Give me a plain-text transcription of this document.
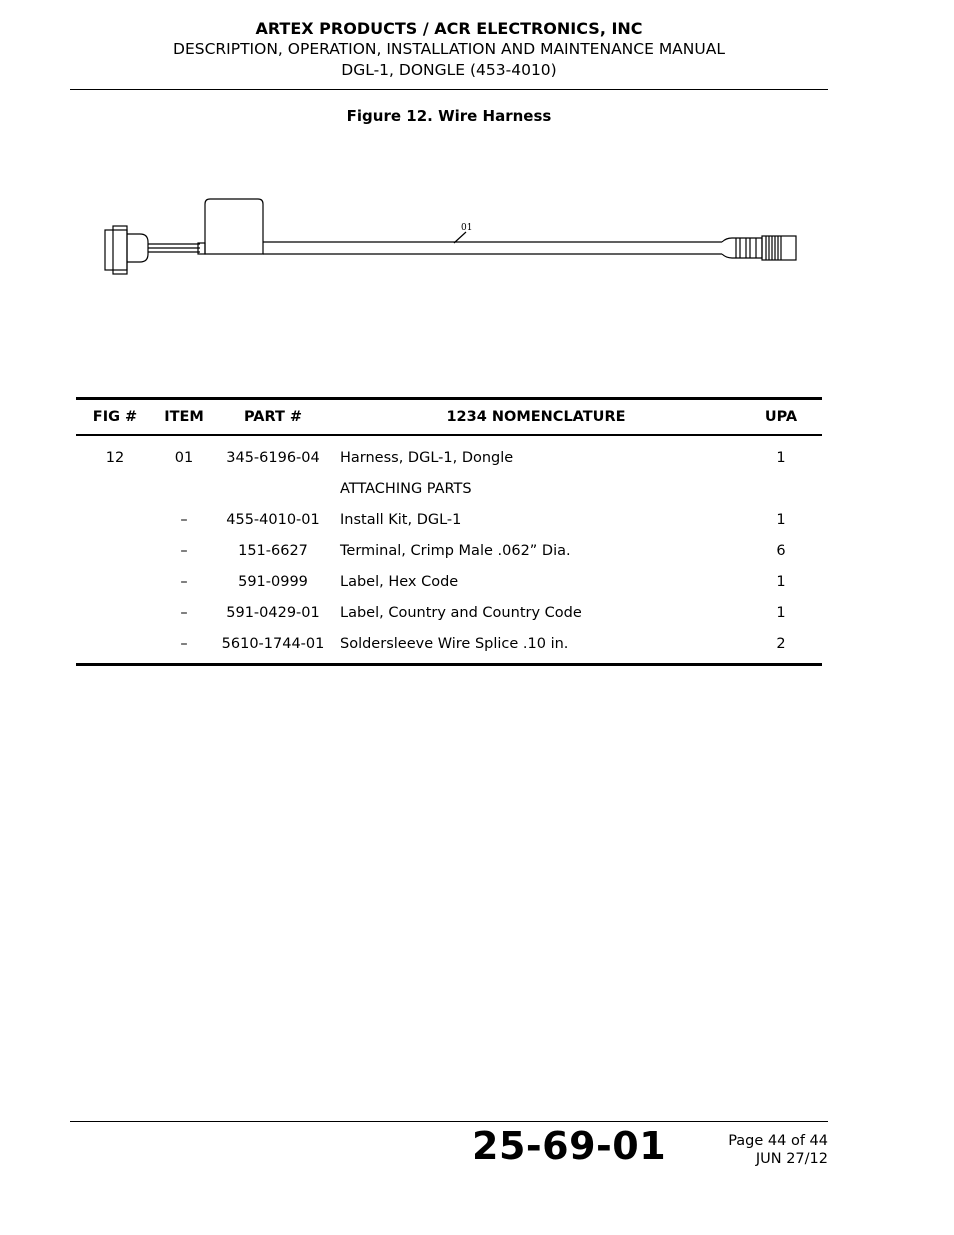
ARTEX PRODUCTS / ACR ELECTRONICS, INC
DESCRIPTION, OPERATION, INSTALLATION AND MAINTENANCE MANUAL
DGL-1, DONGLE (453-4010)
Figure 12. Wire Harness
01
FIG #	ITEM	PART #	1234 NOMENCLATURE	UPA
12	01	345-6196-04	Harness, DGL-1, Dongle	1
			ATTACHING PARTS	
	–	455-4010-01	Install Kit, DGL-1	1
	–	151-6627	Terminal, Crimp Male .062” Dia.	6
	–	591-0999	Label, Hex Code	1
	–	591-0429-01	Label, Country and Country Code	1
	–	5610-1744-01	Soldersleeve Wire Splice .10 in.	2
25-69-01	Page 44 of 44
JUN 27/12
